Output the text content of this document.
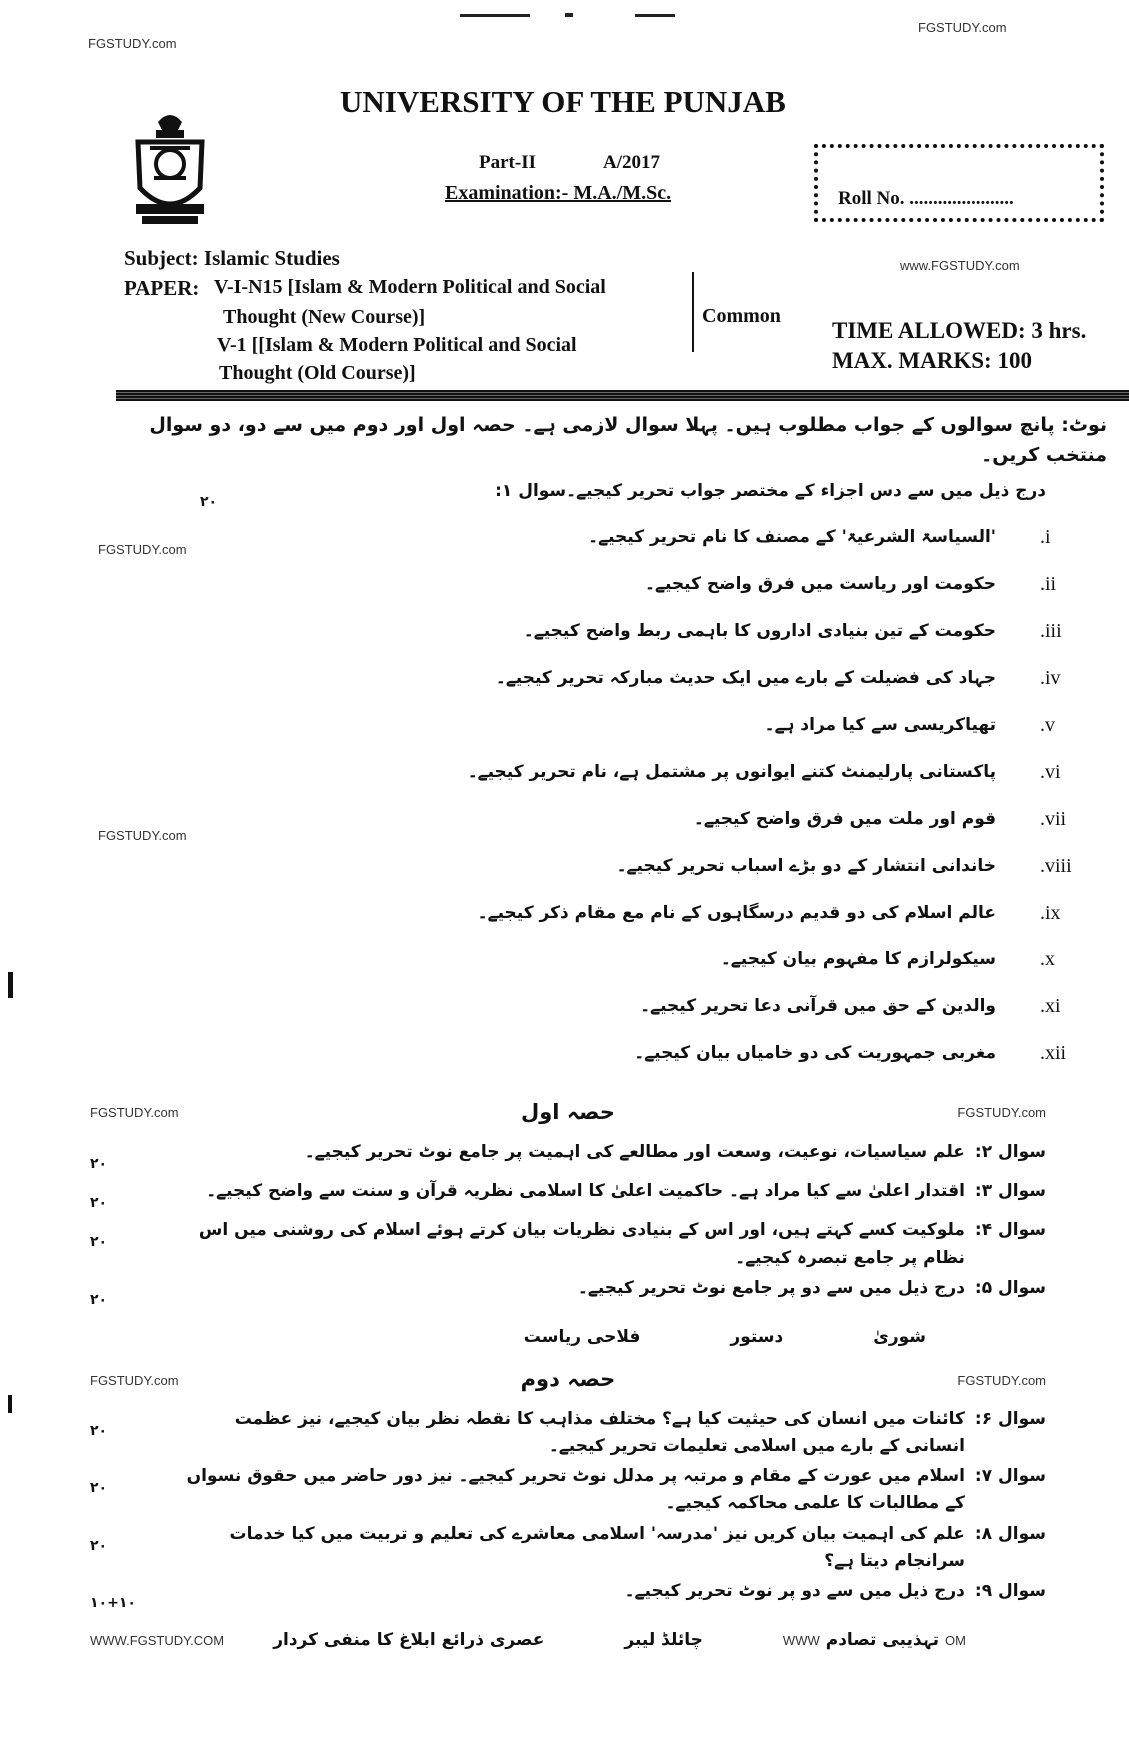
FGSTUDY.com
FGSTUDY.com
www.FGSTUDY.com
FGSTUDY.com
FGSTUDY.com
UNIVERSITY OF THE PUNJAB
Part-II	A/2017
Examination:- M.A./M.Sc.	Roll No. ......................
Subject: Islamic Studies
PAPER: V-I-N15 [Islam & Modern Political and Social
Thought (New Course)]
V-1 [[Islam & Modern Political and Social
Thought (Old Course)]
Common
TIME ALLOWED: 3 hrs.
MAX. MARKS: 100
نوٹ: پانچ سوالوں کے جواب مطلوب ہیں۔ پہلا سوال لازمی ہے۔ حصہ اول اور دوم میں سے دو، دو سوال منتخب کریں۔
سوال ۱: درج ذیل میں سے دس اجزاء کے مختصر جواب تحریر کیجیے۔
۲۰
.i
'السیاسۃ الشرعیۃ' کے مصنف کا نام تحریر کیجیے۔
.ii
حکومت اور ریاست میں فرق واضح کیجیے۔
.iii
حکومت کے تین بنیادی اداروں کا باہمی ربط واضح کیجیے۔
.iv
جہاد کی فضیلت کے بارے میں ایک حدیث مبارکہ تحریر کیجیے۔
.v
تھیاکریسی سے کیا مراد ہے۔
.vi
پاکستانی پارلیمنٹ کتنے ایوانوں پر مشتمل ہے، نام تحریر کیجیے۔
.vii
قوم اور ملت میں فرق واضح کیجیے۔
.viii
خاندانی انتشار کے دو بڑے اسباب تحریر کیجیے۔
.ix
عالم اسلام کی دو قدیم درسگاہوں کے نام مع مقام ذکر کیجیے۔
.x
سیکولرازم کا مفہوم بیان کیجیے۔
.xi
والدین کے حق میں قرآنی دعا تحریر کیجیے۔
.xii
مغربی جمہوریت کی دو خامیاں بیان کیجیے۔
FGSTUDY.com	حصہ اول	FGSTUDY.com
سوال ۲:
علم سیاسیات، نوعیت، وسعت اور مطالعے کی اہمیت پر جامع نوٹ تحریر کیجیے۔
۲۰
سوال ۳:
اقتدار اعلیٰ سے کیا مراد ہے۔ حاکمیت اعلیٰ کا اسلامی نظریہ قرآن و سنت سے واضح کیجیے۔
۲۰
سوال ۴:
ملوکیت کسے کہتے ہیں، اور اس کے بنیادی نظریات بیان کرتے ہوئے اسلام کی روشنی میں اس نظام پر جامع تبصرہ کیجیے۔
۲۰
سوال ۵:
درج ذیل میں سے دو پر جامع نوٹ تحریر کیجیے۔
۲۰
شوریٰ
دستور
فلاحی ریاست
FGSTUDY.com	حصہ دوم	FGSTUDY.com
سوال ۶:
کائنات میں انسان کی حیثیت کیا ہے؟ مختلف مذاہب کا نقطہ نظر بیان کیجیے، نیز عظمت انسانی کے بارے میں اسلامی تعلیمات تحریر کیجیے۔
۲۰
سوال ۷:
اسلام میں عورت کے مقام و مرتبہ پر مدلل نوٹ تحریر کیجیے۔ نیز دور حاضر میں حقوق نسواں کے مطالبات کا علمی محاکمہ کیجیے۔
۲۰
سوال ۸:
علم کی اہمیت بیان کریں نیز 'مدرسہ' اسلامی معاشرے کی تعلیم و تربیت میں کیا خدمات سرانجام دیتا ہے؟
۲۰
سوال ۹:
درج ذیل میں سے دو پر نوٹ تحریر کیجیے۔
۱۰+۱۰
WWW.FGSTUDY.COM	WWW تہذیبی تصادم OM
چائلڈ لیبر
عصری ذرائع ابلاغ کا منفی کردار
